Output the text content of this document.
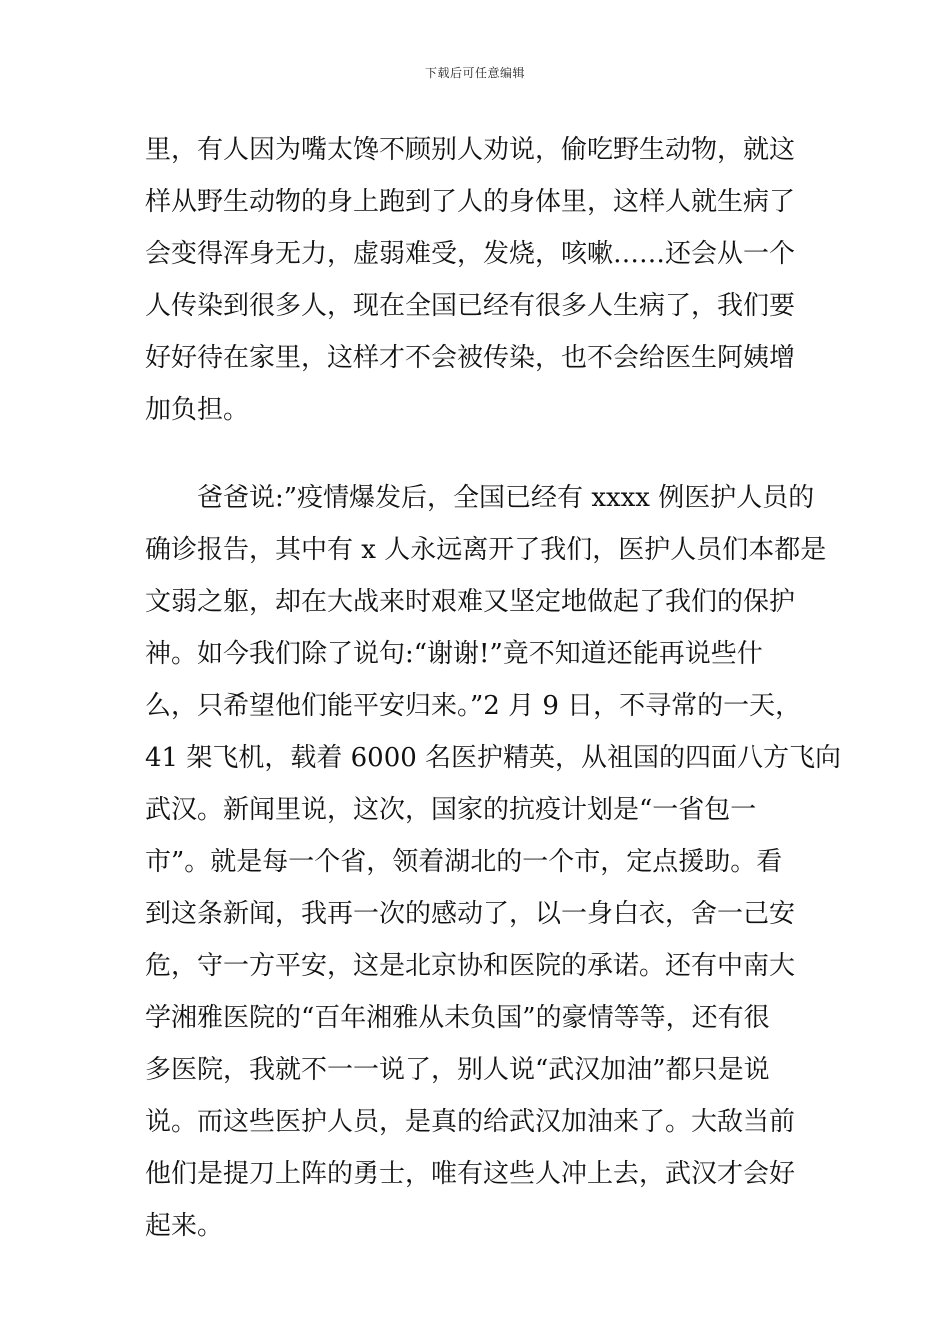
下载后可任意编辑
里，有人因为嘴太馋不顾别人劝说，偷吃野生动物，就这
样从野生动物的身上跑到了人的身体里，这样人就生病了
会变得浑身无力，虚弱难受，发烧，咳嗽……还会从一个
人传染到很多人，现在全国已经有很多人生病了，我们要
好好待在家里，这样才不会被传染，也不会给医生阿姨增
加负担。
　　爸爸说:”疫情爆发后，全国已经有 xxxx 例医护人员的
确诊报告，其中有 x 人永远离开了我们，医护人员们本都是
文弱之躯，却在大战来时艰难又坚定地做起了我们的保护
神。如今我们除了说句:“谢谢!”竟不知道还能再说些什
么，只希望他们能平安归来。”2 月 9 日，不寻常的一天，
41 架飞机，载着 6000 名医护精英，从祖国的四面八方飞向
武汉。新闻里说，这次，国家的抗疫计划是“一省包一
市”。就是每一个省，领着湖北的一个市，定点援助。看
到这条新闻，我再一次的感动了，以一身白衣，舍一己安
危，守一方平安，这是北京协和医院的承诺。还有中南大
学湘雅医院的“百年湘雅从未负国”的豪情等等，还有很
多医院，我就不一一说了，别人说“武汉加油”都只是说
说。而这些医护人员，是真的给武汉加油来了。大敌当前
他们是提刀上阵的勇士，唯有这些人冲上去，武汉才会好
起来。
